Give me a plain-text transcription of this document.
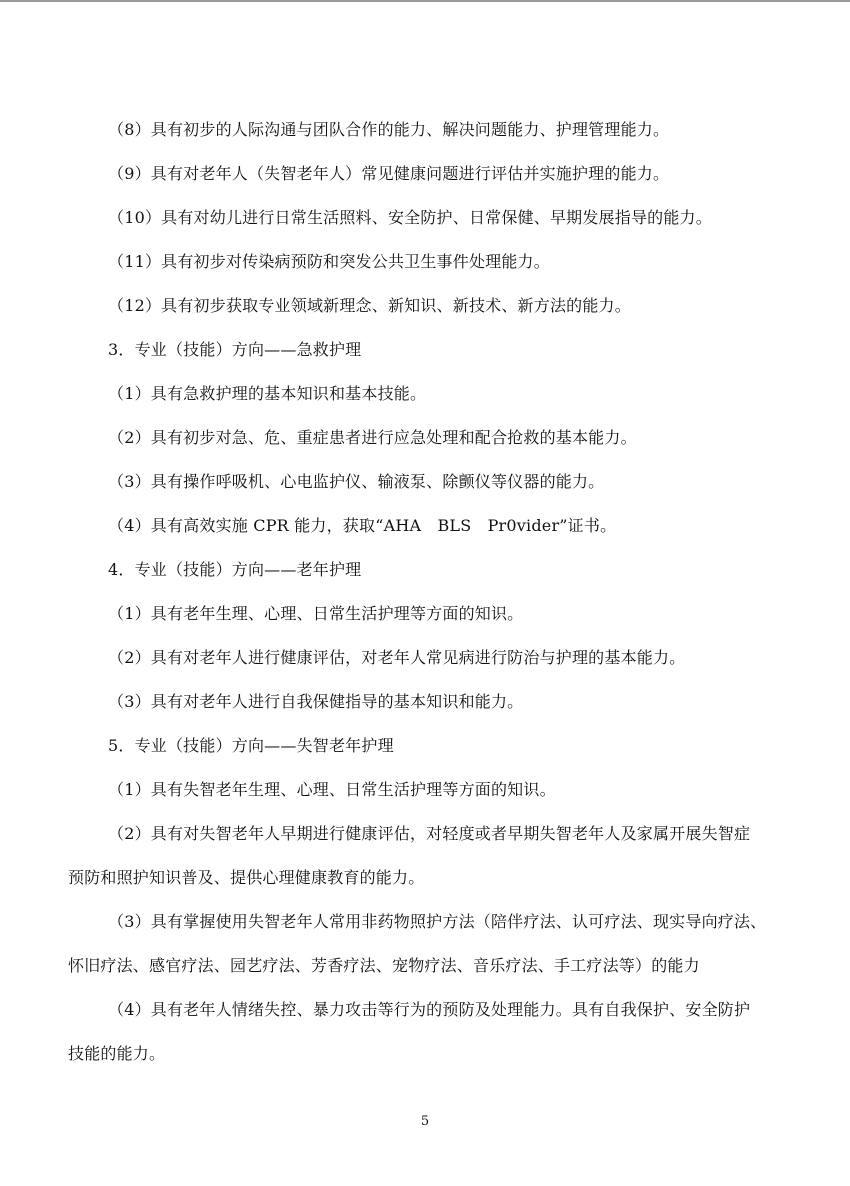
（8）具有初步的人际沟通与团队合作的能力、解决问题能力、护理管理能力。
（9）具有对老年人（失智老年人）常见健康问题进行评估并实施护理的能力。
（10）具有对幼儿进行日常生活照料、安全防护、日常保健、早期发展指导的能力。
（11）具有初步对传染病预防和突发公共卫生事件处理能力。
（12）具有初步获取专业领域新理念、新知识、新技术、新方法的能力。
3．专业（技能）方向——急救护理
（1）具有急救护理的基本知识和基本技能。
（2）具有初步对急、危、重症患者进行应急处理和配合抢救的基本能力。
（3）具有操作呼吸机、心电监护仪、输液泵、除颤仪等仪器的能力。
（4）具有高效实施 CPR 能力，获取“AHA　BLS　Pr0vider”证书。
4．专业（技能）方向——老年护理
（1）具有老年生理、心理、日常生活护理等方面的知识。
（2）具有对老年人进行健康评估，对老年人常见病进行防治与护理的基本能力。
（3）具有对老年人进行自我保健指导的基本知识和能力。
5．专业（技能）方向——失智老年护理
（1）具有失智老年生理、心理、日常生活护理等方面的知识。
（2）具有对失智老年人早期进行健康评估，对轻度或者早期失智老年人及家属开展失智症
预防和照护知识普及、提供心理健康教育的能力。
（3）具有掌握使用失智老年人常用非药物照护方法（陪伴疗法、认可疗法、现实导向疗法、
怀旧疗法、感官疗法、园艺疗法、芳香疗法、宠物疗法、音乐疗法、手工疗法等）的能力
（4）具有老年人情绪失控、暴力攻击等行为的预防及处理能力。具有自我保护、安全防护
技能的能力。
5
